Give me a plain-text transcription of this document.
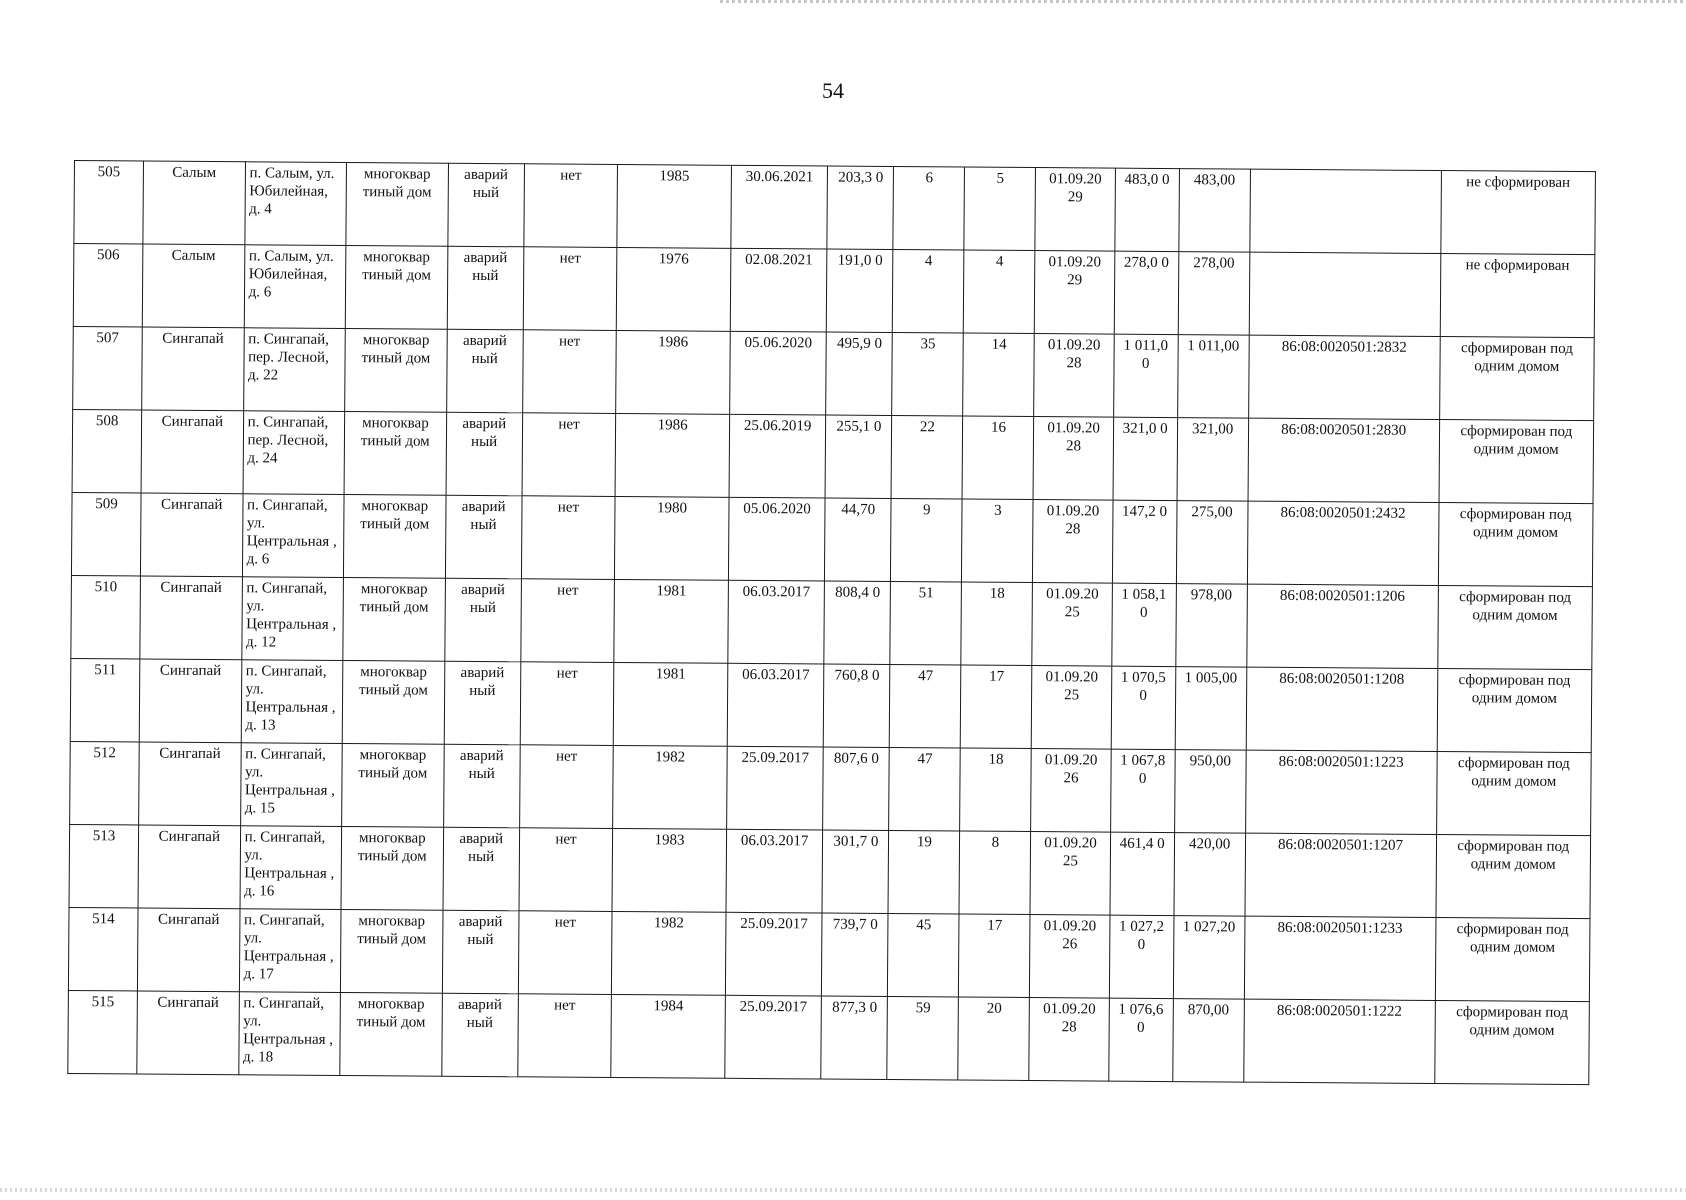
54
505	Салым	п. Салым, ул. Юбилейная, д. 4	многоквар тиный дом	аварий ный	нет	1985	30.06.2021	203,3 0	6	5	01.09.20 29	483,0 0	483,00		не сформирован
506	Салым	п. Салым, ул. Юбилейная, д. 6	многоквар тиный дом	аварий ный	нет	1976	02.08.2021	191,0 0	4	4	01.09.20 29	278,0 0	278,00		не сформирован
507	Сингапай	п. Сингапай, пер. Лесной, д. 22	многоквар тиный дом	аварий ный	нет	1986	05.06.2020	495,9 0	35	14	01.09.20 28	1 011,0 0	1 011,00	86:08:0020501:2832	сформирован под одним домом
508	Сингапай	п. Сингапай, пер. Лесной, д. 24	многоквар тиный дом	аварий ный	нет	1986	25.06.2019	255,1 0	22	16	01.09.20 28	321,0 0	321,00	86:08:0020501:2830	сформирован под одним домом
509	Сингапай	п. Сингапай, ул. Центральная , д. 6	многоквар тиный дом	аварий ный	нет	1980	05.06.2020	44,70	9	3	01.09.20 28	147,2 0	275,00	86:08:0020501:2432	сформирован под одним домом
510	Сингапай	п. Сингапай, ул. Центральная , д. 12	многоквар тиный дом	аварий ный	нет	1981	06.03.2017	808,4 0	51	18	01.09.20 25	1 058,1 0	978,00	86:08:0020501:1206	сформирован под одним домом
511	Сингапай	п. Сингапай, ул. Центральная , д. 13	многоквар тиный дом	аварий ный	нет	1981	06.03.2017	760,8 0	47	17	01.09.20 25	1 070,5 0	1 005,00	86:08:0020501:1208	сформирован под одним домом
512	Сингапай	п. Сингапай, ул. Центральная , д. 15	многоквар тиный дом	аварий ный	нет	1982	25.09.2017	807,6 0	47	18	01.09.20 26	1 067,8 0	950,00	86:08:0020501:1223	сформирован под одним домом
513	Сингапай	п. Сингапай, ул. Центральная , д. 16	многоквар тиный дом	аварий ный	нет	1983	06.03.2017	301,7 0	19	8	01.09.20 25	461,4 0	420,00	86:08:0020501:1207	сформирован под одним домом
514	Сингапай	п. Сингапай, ул. Центральная , д. 17	многоквар тиный дом	аварий ный	нет	1982	25.09.2017	739,7 0	45	17	01.09.20 26	1 027,2 0	1 027,20	86:08:0020501:1233	сформирован под одним домом
515	Сингапай	п. Сингапай, ул. Центральная , д. 18	многоквар тиный дом	аварий ный	нет	1984	25.09.2017	877,3 0	59	20	01.09.20 28	1 076,6 0	870,00	86:08:0020501:1222	сформирован под одним домом
